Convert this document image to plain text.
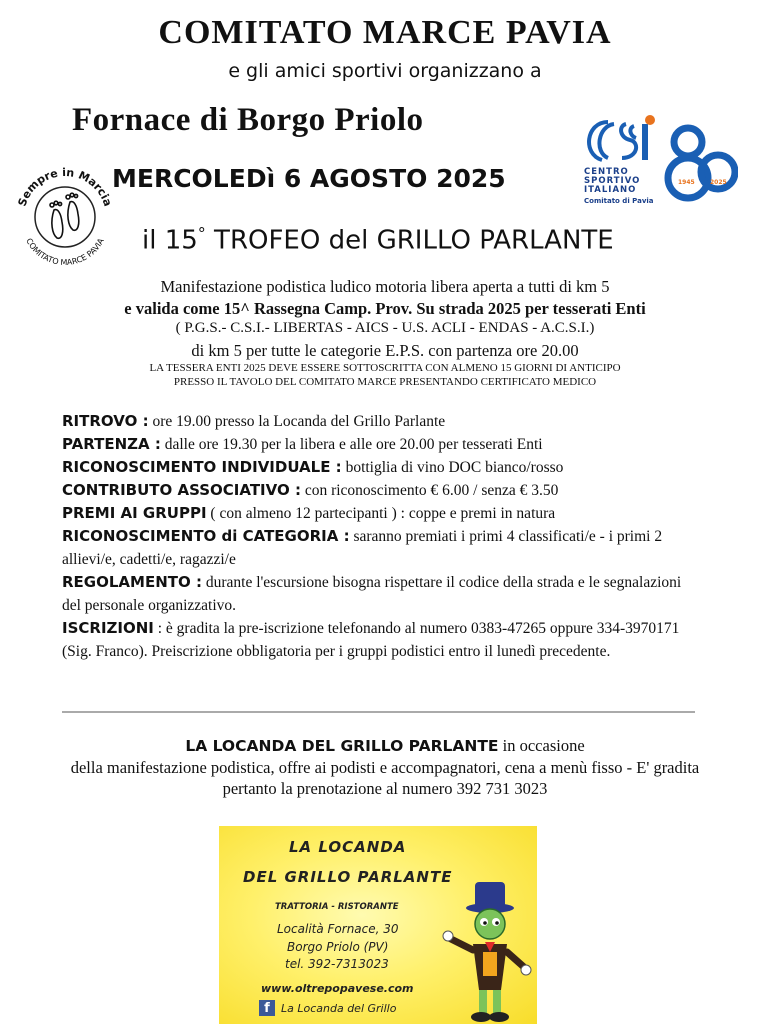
COMITATO MARCE PAVIA
e gli amici sportivi organizzano a
Fornace di Borgo Priolo
Sempre in Marcia
COMITATO MARCE PAVIA
MERCOLEDì 6 AGOSTO 2025	CENTRO
SPORTIVO
ITALIANO
Comitato di Pavia
1945	2025
il 15° TROFEO del GRILLO PARLANTE
Manifestazione podistica ludico motoria libera aperta a tutti di km 5
e valida come 15^ Rassegna Camp. Prov. Su strada 2025 per tesserati Enti
( P.G.S.- C.S.I.- LIBERTAS - AICS - U.S. ACLI - ENDAS - A.C.S.I.)
di km 5 per tutte le categorie E.P.S. con partenza ore 20.00
LA TESSERA ENTI 2025 DEVE ESSERE SOTTOSCRITTA CON ALMENO 15 GIORNI DI ANTICIPO
PRESSO IL TAVOLO DEL COMITATO MARCE PRESENTANDO CERTIFICATO MEDICO

RITROVO : ore 19.00 presso la Locanda del Grillo Parlante

PARTENZA : dalle ore 19.30 per la libera e alle ore 20.00 per tesserati Enti

RICONOSCIMENTO INDIVIDUALE : bottiglia di vino DOC bianco/rosso

CONTRIBUTO ASSOCIATIVO : con riconoscimento € 6.00 / senza € 3.50

PREMI AI GRUPPI ( con almeno 12 partecipanti ) : coppe e premi in natura

RICONOSCIMENTO di CATEGORIA : saranno premiati i primi 4 classificati/e - i primi 2 allievi/e, cadetti/e, ragazzi/e

REGOLAMENTO : durante l'escursione bisogna rispettare il codice della strada e le segnalazioni del personale organizzativo.

ISCRIZIONI : è gradita la pre-iscrizione telefonando al numero 0383-47265 oppure 334-3970171 (Sig. Franco). Preiscrizione obbligatoria per i gruppi podistici entro il lunedì precedente.

LA LOCANDA DEL GRILLO PARLANTE in occasione
della manifestazione podistica, offre ai podisti e accompagnatori, cena a menù fisso - E' gradita pertanto la prenotazione al numero 392 731 3023
LA LOCANDA
DEL GRILLO PARLANTE
TRATTORIA - RISTORANTE
Località Fornace, 30
Borgo Priolo (PV)
tel. 392-7313023
www.oltrepopavese.com
f	La Locanda del Grillo
